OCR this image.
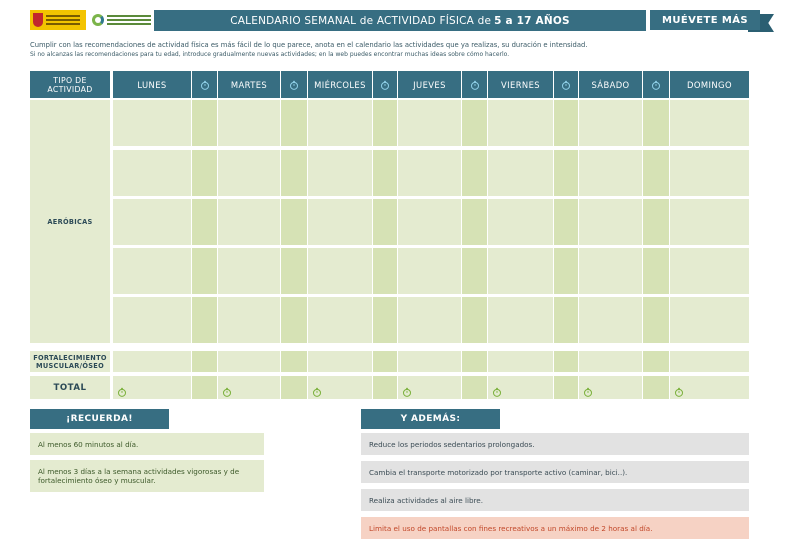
CALENDARIO SEMANAL de ACTIVIDAD FÍSICA de 5 a 17 AÑOS	MUÉVETE MÁS
Cumplir con las recomendaciones de actividad física es más fácil de lo que parece, anota en el calendario las actividades que ya realizas, su duración e intensidad.
Si no alcanzas las recomendaciones para tu edad, introduce gradualmente nuevas actividades; en la web puedes encontrar muchas ideas sobre cómo hacerlo.
TIPO DE ACTIVIDAD	LUNES	MARTES	MIÉRCOLES	JUEVES	VIERNES	SÁBADO	DOMINGO
AERÓBICAS
FORTALECIMIENTO MUSCULAR/ÓSEO
TOTAL
¡RECUERDA!
Al menos 60 minutos al día.
Al menos 3 días a la semana actividades vigorosas y de fortalecimiento óseo y muscular.
Y ADEMÁS:
Reduce los periodos sedentarios prolongados.
Cambia el transporte motorizado por transporte activo (caminar, bici..).
Realiza actividades al aire libre.
Limita el uso de pantallas con fines recreativos a un máximo de 2 horas al día.
